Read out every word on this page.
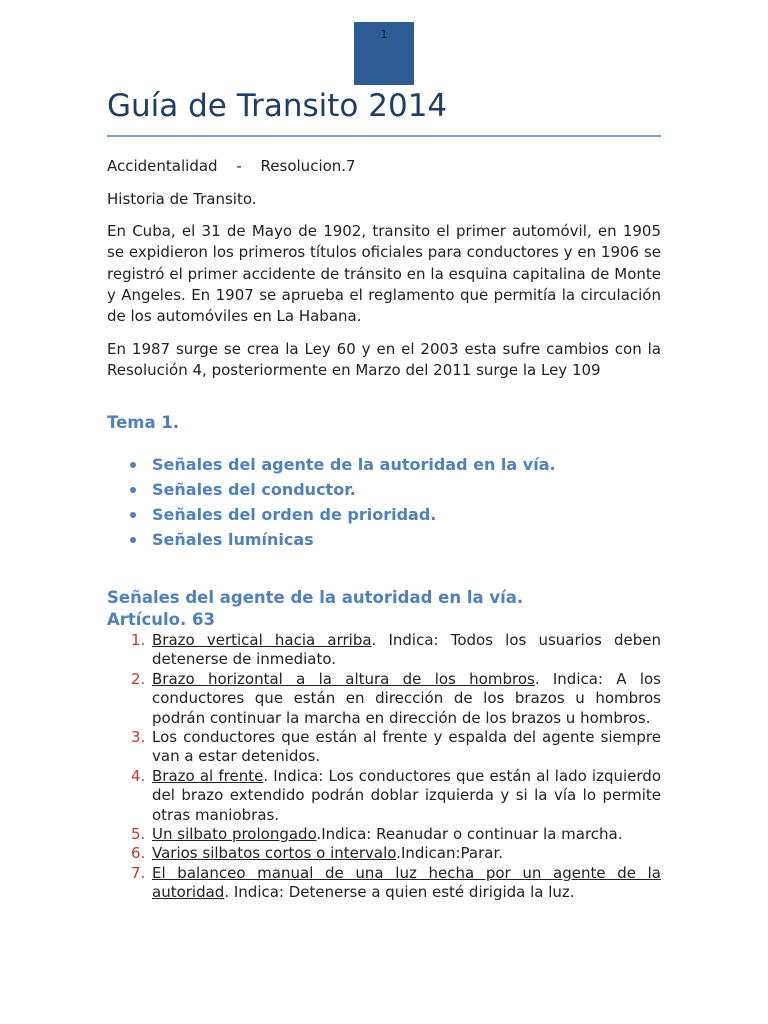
1
Guía de Transito 2014

Accidentalidad - Resolucion.7

Historia de Transito.

En Cuba, el 31 de Mayo de 1902, transito el primer automóvil, en 1905 se expidieron los primeros títulos oficiales para conductores y en 1906 se registró el primer accidente de tránsito en la esquina capitalina de Monte y Angeles. En 1907 se aprueba el reglamento que permitía la circulación de los automóviles en La Habana.

En 1987 surge se crea la Ley 60 y en el 2003 esta sufre cambios con la Resolución 4, posteriormente en Marzo del 2011 surge la Ley 109

Tema 1.
Señales del agente de la autoridad en la vía.
Señales del conductor.
Señales del orden de prioridad.
Señales lumínicas
Señales del agente de la autoridad en la vía.
Artículo. 63
1. Brazo vertical hacia arriba. Indica: Todos los usuarios deben detenerse de inmediato.
2. Brazo horizontal a la altura de los hombros. Indica: A los conductores que están en dirección de los brazos u hombros podrán continuar la marcha en dirección de los brazos u hombros.
3. Los conductores que están al frente y espalda del agente siempre van a estar detenidos.
4. Brazo al frente. Indica: Los conductores que están al lado izquierdo del brazo extendido podrán doblar izquierda y si la vía lo permite otras maniobras.
5. Un silbato prolongado.Indica: Reanudar o continuar la marcha.
6. Varios silbatos cortos o intervalo.Indican:Parar.
7. El balanceo manual de una luz hecha por un agente de la autoridad. Indica: Detenerse a quien esté dirigida la luz.
